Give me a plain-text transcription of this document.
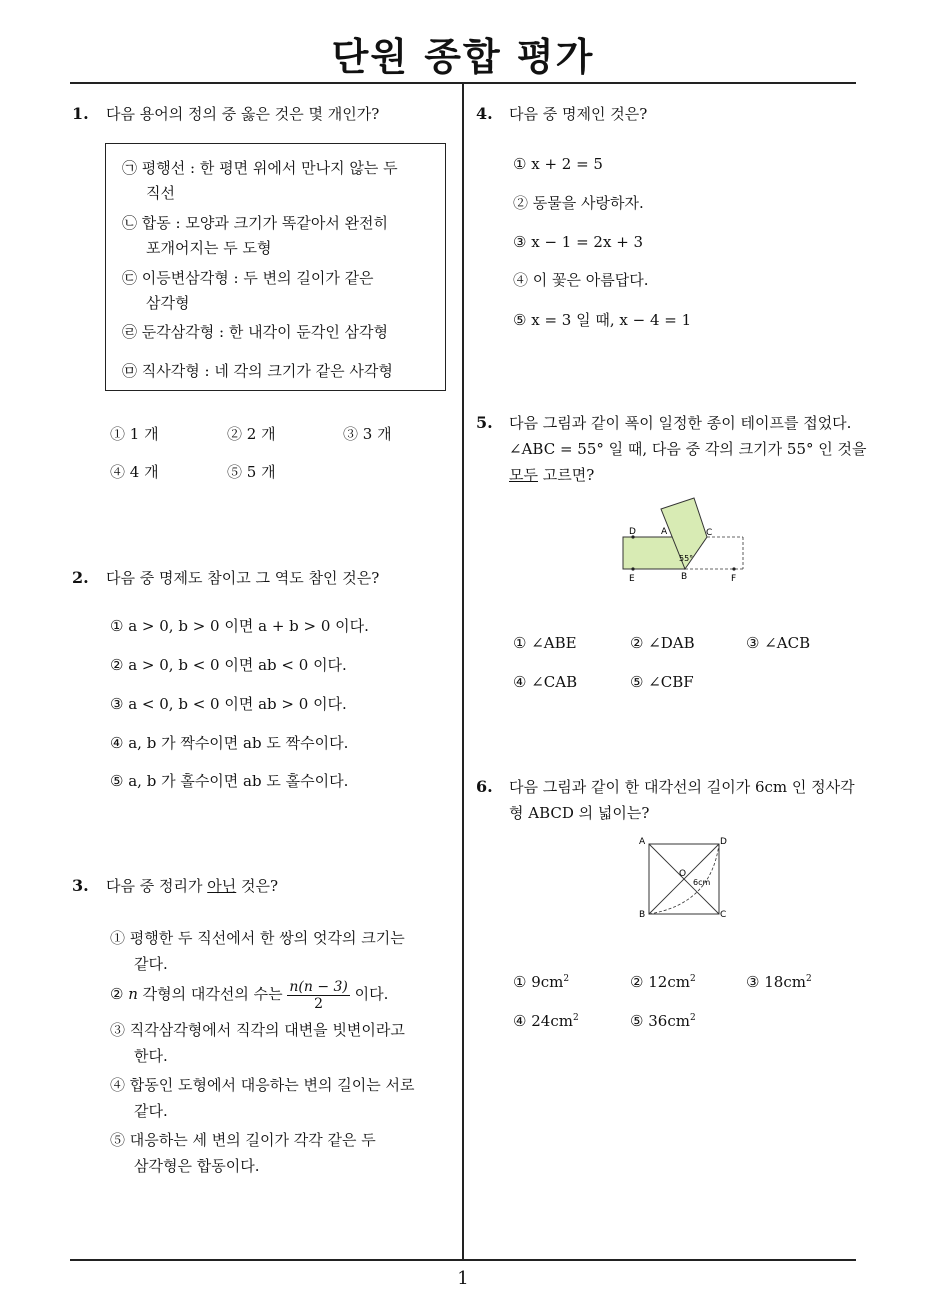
단원 종합 평가
1
1. 다음 용어의 정의 중 옳은 것은 몇 개인가?
㉠ 평행선 : 한 평면 위에서 만나지 않는 두
직선
㉡ 합동 : 모양과 크기가 똑같아서 완전히
포개어지는 두 도형
㉢ 이등변삼각형 : 두 변의 길이가 같은
삼각형
㉣ 둔각삼각형 : 한 내각이 둔각인 삼각형
㉤ 직사각형 : 네 각의 크기가 같은 사각형
① 1 개	② 2 개	③ 3 개
④ 4 개	⑤ 5 개
2. 다음 중 명제도 참이고 그 역도 참인 것은?
① a > 0, b > 0 이면 a + b > 0 이다.
② a > 0, b < 0 이면 ab < 0 이다.
③ a < 0, b < 0 이면 ab > 0 이다.
④ a, b 가 짝수이면 ab 도 짝수이다.
⑤ a, b 가 홀수이면 ab 도 홀수이다.
3. 다음 중 정리가 아닌 것은?
① 평행한 두 직선에서 한 쌍의 엇각의 크기는
같다.
② n 각형의 대각선의 수는 $\frac{n(n - 3)}{2}$ 이다.
③ 직각삼각형에서 직각의 대변을 빗변이라고
한다.
④ 합동인 도형에서 대응하는 변의 길이는 서로
같다.
⑤ 대응하는 세 변의 길이가 각각 같은 두
삼각형은 합동이다.
4. 다음 중 명제인 것은?
① x + 2 = 5
② 동물을 사랑하자.
③ x − 1 = 2x + 3
④ 이 꽃은 아름답다.
⑤ x = 3 일 때, x − 4 = 1
5. 다음 그림과 같이 폭이 일정한 종이 테이프를 접었다.
∠ABC = 55° 일 때, 다음 중 각의 크기가 55° 인 것을
모두 고르면?
D	A	C
E	B	F
55°
① ∠ABE	② ∠DAB	③ ∠ACB
④ ∠CAB	⑤ ∠CBF
6. 다음 그림과 같이 한 대각선의 길이가 6cm 인 정사각
형 ABCD 의 넓이는?
A	D
B	C
O
6cm
① $9cm^2$	② $12cm^2$	③ $18cm^2$
④ $24cm^2$	⑤ $36cm^2$
